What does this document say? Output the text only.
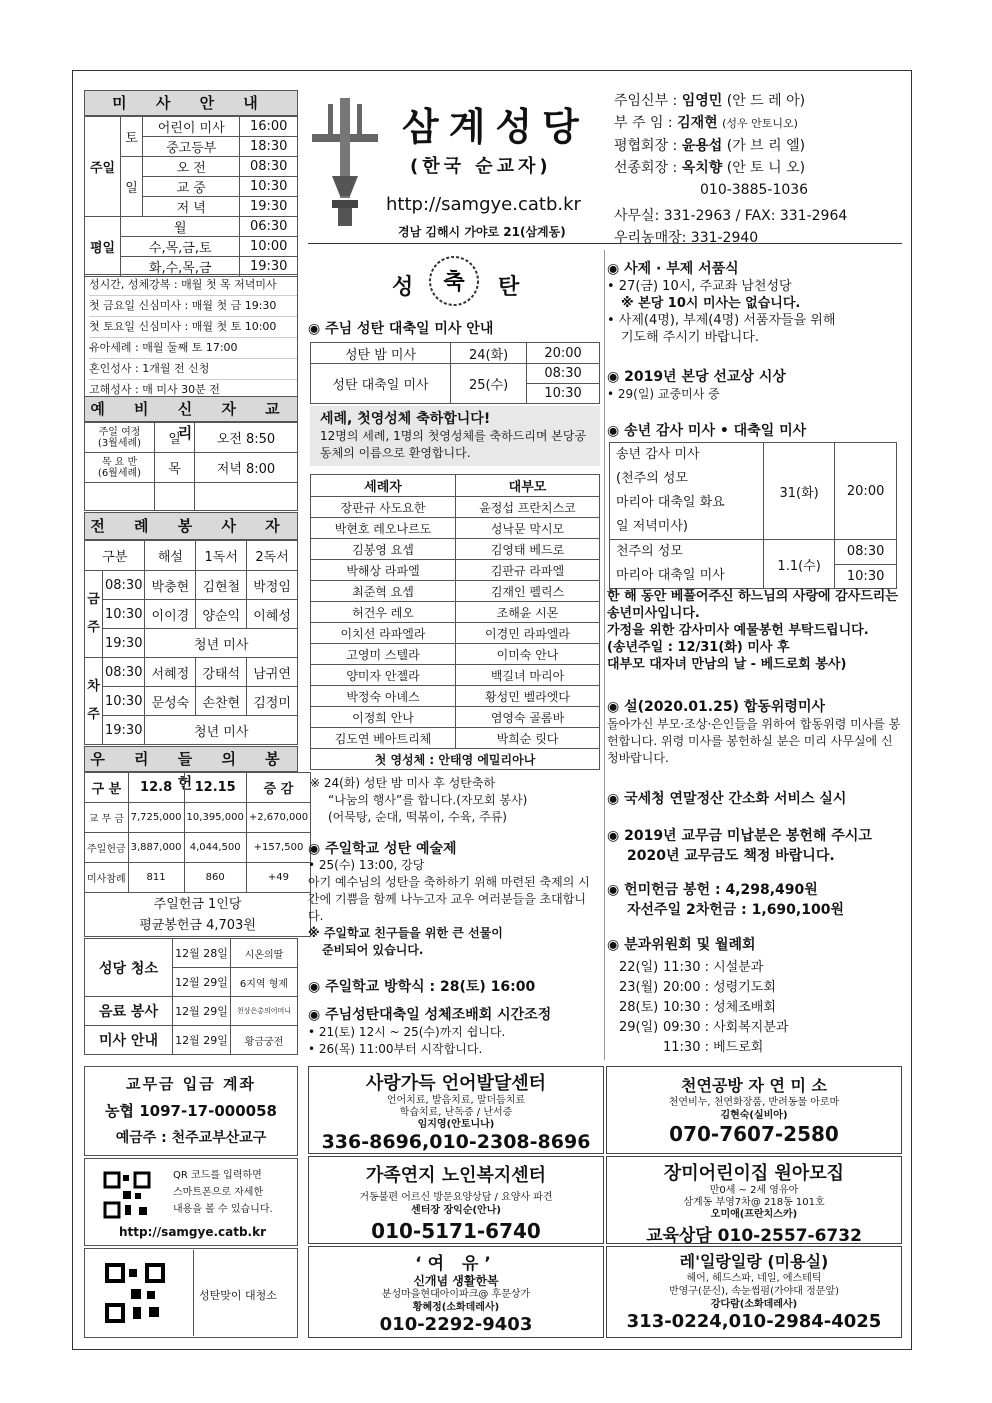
미 사 안 내
주일	토	어린이 미사	16:00
		중고등부	18:30
	일	오 전	08:30
		교 중	10:30
		저 녁	19:30
평일	월		06:30
	수,목,금,토		10:00
	화,수,목,금		19:30
성시간, 성체강복 : 매월 첫 목 저녁미사
첫 금요일 신심미사 : 매월 첫 금 19:30
첫 토요일 신심미사 : 매월 첫 토 10:00
유아세례 : 매월 둘째 토 17:00
혼인성사 : 1개월 전 신청
고해성사 : 매 미사 30분 전
예 비 신 자 교 리
주일 여정
(3월세례)	일	오전 8:50
목 요 반
(6월세례)	목	저녁 8:00

전 례 봉 사 자
구분		해설	1독서	2독서
금 주	08:30	박충현	김현철	박정임
	10:30	이이경	양순익	이혜성
	19:30	청년 미사		
차 주	08:30	서혜정	강태석	남귀연
	10:30	문성숙	손찬현	김정미
	19:30	청년 미사		
우 리 들 의 봉 헌
구 분	12.8	12.15	증 감
교 무 금	7,725,000	10,395,000	+2,670,000
주일헌금	3,887,000	4,044,500	+157,500
미사참례	811	860	+49
주일헌금 1인당
평균봉헌금 4,703원			
성당 청소	12월 28일	시온의딸
	12월 29일	6지역 형제
음료 봉사	12월 29일	천상은총의어머니
미사 안내	12월 29일	황금궁전
삼계성당
(한국 순교자)
http://samgye.catb.kr
경남 김해시 가야로 21(삼계동)
주임신부 : 임영민 (안 드 레 아)
부 주 임 : 김재현 (성우 안토니오)
평협회장 : 윤용섭 (가 브 리 엘)
선종회장 : 옥치향 (안 토 니 오)
010-3885-1036
사무실: 331-2963 / FAX: 331-2964
우리농매장: 331-2940
성 축 탄
◉ 주님 성탄 대축일 미사 안내
성탄 밤 미사	24(화)	20:00
성탄 대축일 미사	25(수)	08:30
		10:30
세례, 첫영성체 축하합니다!
12명의 세례, 1명의 첫영성체를 축하드리며 본당공동체의 이름으로 환영합니다.
세례자	대부모
장판규 사도요한	윤정섭 프란치스코
박현호 레오나르도	성낙문 막시모
김봉영 요셉	김영태 베드로
박해상 라파엘	김판규 라파엘
최준혁 요셉	김재인 펠릭스
허건우 레오	조해윤 시몬
이치선 라파엘라	이경민 라파엘라
고영미 스텔라	이미숙 안나
양미자 안젤라	백길녀 마리아
박정숙 아녜스	황성민 벨라엣다
이정희 안나	염영숙 골롬바
김도연 베아트리체	박희순 릿다
첫 영성체 : 안태영 에밀리아나	
※ 24(화) 성탄 밤 미사 후 성탄축하
“나눔의 행사”를 합니다.(자모회 봉사)
(어묵탕, 순대, 떡볶이, 수육, 주류)
◉ 주일학교 성탄 예술제
• 25(수) 13:00, 강당
아기 예수님의 성탄을 축하하기 위해 마련된 축제의 시간에 기쁨을 함께 나누고자 교우 여러분들을 초대합니다.
※ 주일학교 친구들을 위한 큰 선물이
준비되어 있습니다.
◉ 주일학교 방학식 : 28(토) 16:00
◉ 주님성탄대축일 성체조배회 시간조정
• 21(토) 12시 ~ 25(수)까지 쉽니다.
• 26(목) 11:00부터 시작합니다.
◉ 사제 · 부제 서품식
• 27(금) 10시, 주교좌 남천성당
※ 본당 10시 미사는 없습니다.
• 사제(4명), 부제(4명) 서품자들을 위해
기도해 주시기 바랍니다.
◉ 2019년 본당 선교상 시상
• 29(일) 교중미사 중
◉ 송년 감사 미사 • 대축일 미사
송년 감사 미사
(천주의 성모
마리아 대축일 화요
일 저녁미사)	31(화)	20:00
천주의 성모
마리아 대축일 미사	1.1(수)	08:30
		10:30
한 해 동안 베풀어주신 하느님의 사랑에 감사드리는 송년미사입니다.
가정을 위한 감사미사 예물봉헌 부탁드립니다.
(송년주일 : 12/31(화) 미사 후
대부모 대자녀 만남의 날 - 베드로회 봉사)
◉ 설(2020.01.25) 합동위령미사
돌아가신 부모·조상·은인들을 위하여 합동위령 미사를 봉헌합니다. 위령 미사를 봉헌하실 분은 미리 사무실에 신청바랍니다.
◉ 국세청 연말정산 간소화 서비스 실시
◉ 2019년 교무금 미납분은 봉헌해 주시고
2020년 교무금도 책정 바랍니다.
◉ 헌미헌금 봉헌 : 4,298,490원
자선주일 2차헌금 : 1,690,100원
◉ 분과위원회 및 월례회
22(일) 11:30 : 시설분과
23(월) 20:00 : 성령기도회
28(토) 10:30 : 성체조배회
29(일) 09:30 : 사회복지분과
11:30 : 베드로회
교무금 입금 계좌
농협 1097-17-000058
예금주 : 천주교부산교구
QR 코드를 입력하면
스마트폰으로 자세한
내용을 볼 수 있습니다.
http://samgye.catb.kr
성탄맞이 대청소
사랑가득 언어발달센터
언어치료, 발음치료, 말더듬치료
학습치료, 난독증 / 난서증
임지영(안토니나)
336-8696,010-2308-8696
천연공방 자 연 미 소
천연비누, 천연화장품, 반려동물 아로마
김현숙(실비아)
070-7607-2580
가족연지 노인복지센터
거동불편 어르신 방문요양상담 / 요양사 파견
센터장 장익순(안나)
010-5171-6740
장미어린이집 원아모집
만0세 ~ 2세 영유아
삼계동 부영7차@ 218동 101호
오미애(프란치스카)
교육상담 010-2557-6732
‘여 유’
신개념 생활한복
분성마을현대아이파크@ 후문상가
황혜정(소화데레사)
010-2292-9403
레'일랑일랑 (미용실)
헤어, 헤드스파, 네일, 에스테틱
반영구(문신), 속눈썹펌(가야대 정문앞)
강다람(소화데레사)
313-0224,010-2984-4025
